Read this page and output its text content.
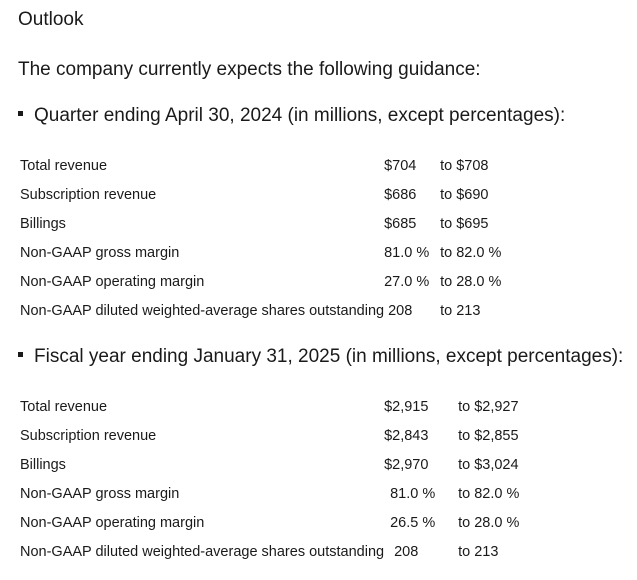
Outlook
The company currently expects the following guidance:
Quarter ending April 30, 2024 (in millions, except percentages):
Total revenue	$704	to $708
Subscription revenue	$686	to $690
Billings	$685	to $695
Non-GAAP gross margin	81.0 %	to 82.0 %
Non-GAAP operating margin	27.0 %	to 28.0 %
Non-GAAP diluted weighted-average shares outstanding	208	to 213
Fiscal year ending January 31, 2025 (in millions, except percentages):
Total revenue	$2,915	to $2,927
Subscription revenue	$2,843	to $2,855
Billings	$2,970	to $3,024
Non-GAAP gross margin	81.0 %	to 82.0 %
Non-GAAP operating margin	26.5 %	to 28.0 %
Non-GAAP diluted weighted-average shares outstanding	208	to 213
